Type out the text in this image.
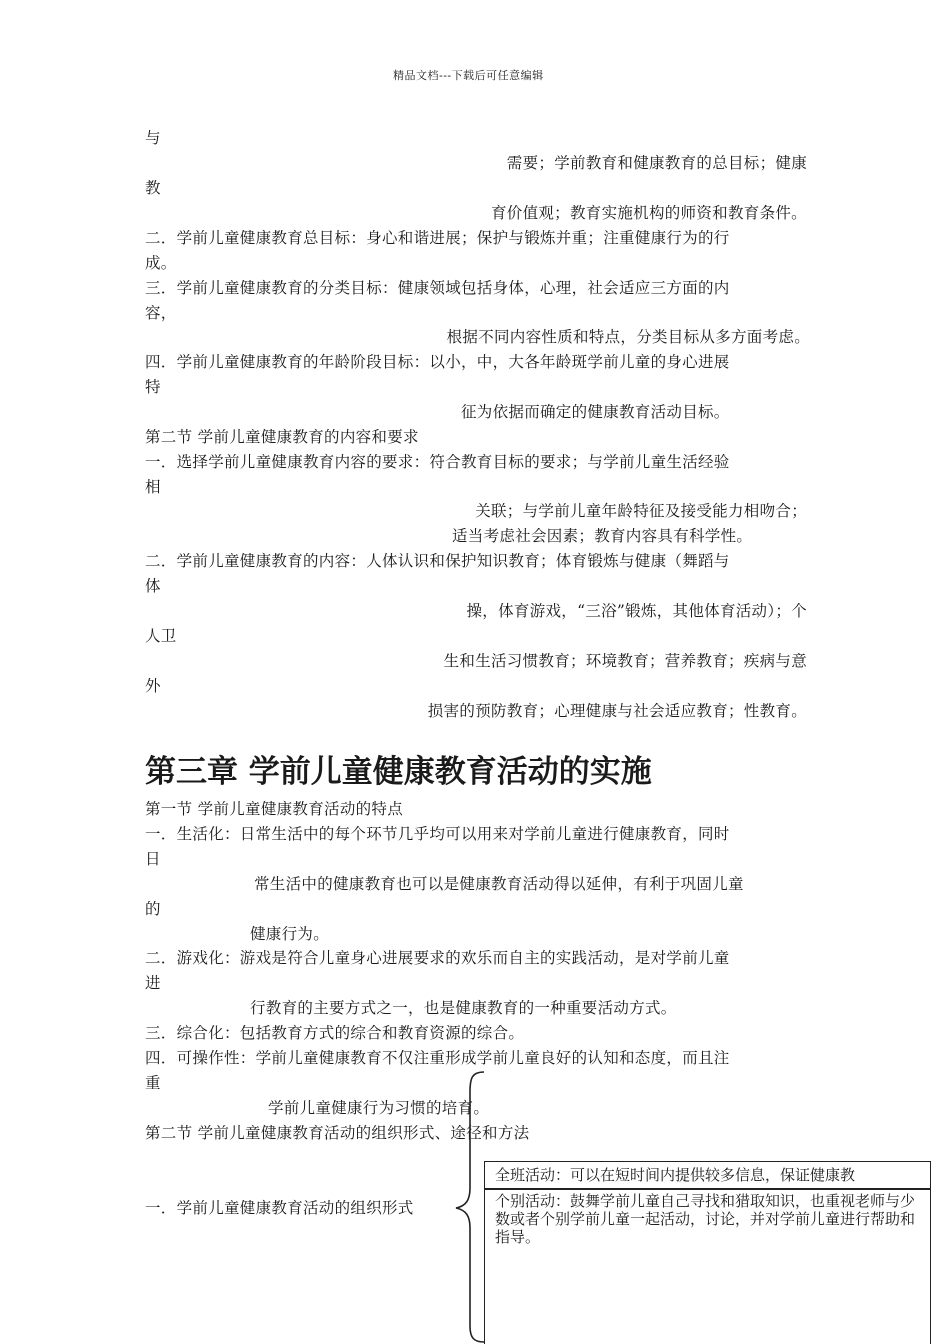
精品文档---下载后可任意编辑
与
需要；学前教育和健康教育的总目标；健康
教
育价值观；教育实施机构的师资和教育条件。
二．学前儿童健康教育总目标：身心和谐进展；保护与锻炼并重；注重健康行为的行
成。
三．学前儿童健康教育的分类目标：健康领域包括身体，心理，社会适应三方面的内
容，
根据不同内容性质和特点，分类目标从多方面考虑。
四．学前儿童健康教育的年龄阶段目标：以小，中，大各年龄斑学前儿童的身心进展
特
征为依据而确定的健康教育活动目标。
第二节 学前儿童健康教育的内容和要求
一．选择学前儿童健康教育内容的要求：符合教育目标的要求；与学前儿童生活经验
相
关联；与学前儿童年龄特征及接受能力相吻合；
适当考虑社会因素；教育内容具有科学性。
二．学前儿童健康教育的内容：人体认识和保护知识教育；体育锻炼与健康（舞蹈与
体
操，体育游戏，“三浴”锻炼，其他体育活动）；个
人卫
生和生活习惯教育；环境教育；营养教育；疾病与意
外
损害的预防教育；心理健康与社会适应教育；性教育。
第三章 学前儿童健康教育活动的实施
第一节 学前儿童健康教育活动的特点
一．生活化：日常生活中的每个环节几乎均可以用来对学前儿童进行健康教育，同时
日
常生活中的健康教育也可以是健康教育活动得以延伸，有利于巩固儿童
的
健康行为。
二．游戏化：游戏是符合儿童身心进展要求的欢乐而自主的实践活动，是对学前儿童
进
行教育的主要方式之一，也是健康教育的一种重要活动方式。
三．综合化：包括教育方式的综合和教育资源的综合。
四．可操作性：学前儿童健康教育不仅注重形成学前儿童良好的认知和态度，而且注
重
学前儿童健康行为习惯的培育。
第二节 学前儿童健康教育活动的组织形式、途径和方法
一．学前儿童健康教育活动的组织形式
全班活动：可以在短时间内提供较多信息，保证健康教
个别活动：鼓舞学前儿童自己寻找和猎取知识，也重视老师与少数或者个别学前儿童一起活动，讨论，并对学前儿童进行帮助和指导。
